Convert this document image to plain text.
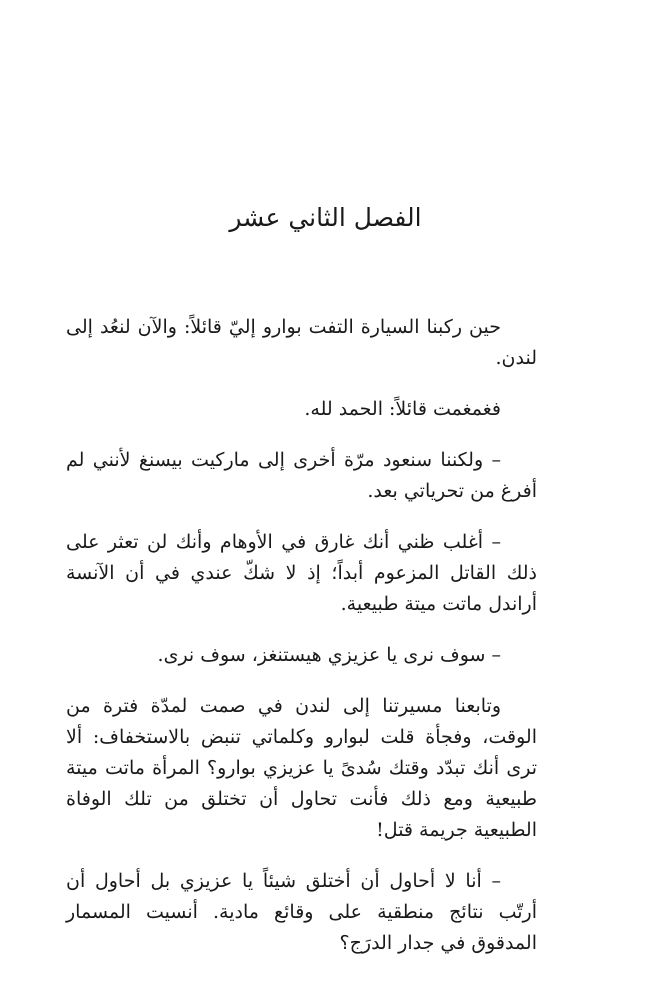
الفصل الثاني عشر

حين ركبنا السيارة التفت بوارو إليّ قائلاً: والآن لنعُد إلى لندن.

فغمغمت قائلاً: الحمد لله.

– ولكننا سنعود مرّة أخرى إلى ماركيت بيسنغ لأنني لم أفرغ من تحرياتي بعد.

– أغلب ظني أنك غارق في الأوهام وأنك لن تعثر على ذلك القاتل المزعوم أبداً؛ إذ لا شكّ عندي في أن الآنسة أراندل ماتت ميتة طبيعية.

– سوف نرى يا عزيزي هيستنغز، سوف نرى.

وتابعنا مسيرتنا إلى لندن في صمت لمدّة فترة من الوقت، وفجأة قلت لبوارو وكلماتي تنبض بالاستخفاف: ألا ترى أنك تبدّد وقتك سُدىً يا عزيزي بوارو؟ المرأة ماتت ميتة طبيعية ومع ذلك فأنت تحاول أن تختلق من تلك الوفاة الطبيعية جريمة قتل!

– أنا لا أحاول أن أختلق شيئاً يا عزيزي بل أحاول أن أرتّب نتائج منطقية على وقائع مادية. أنسيت المسمار المدقوق في جدار الدرَج؟
